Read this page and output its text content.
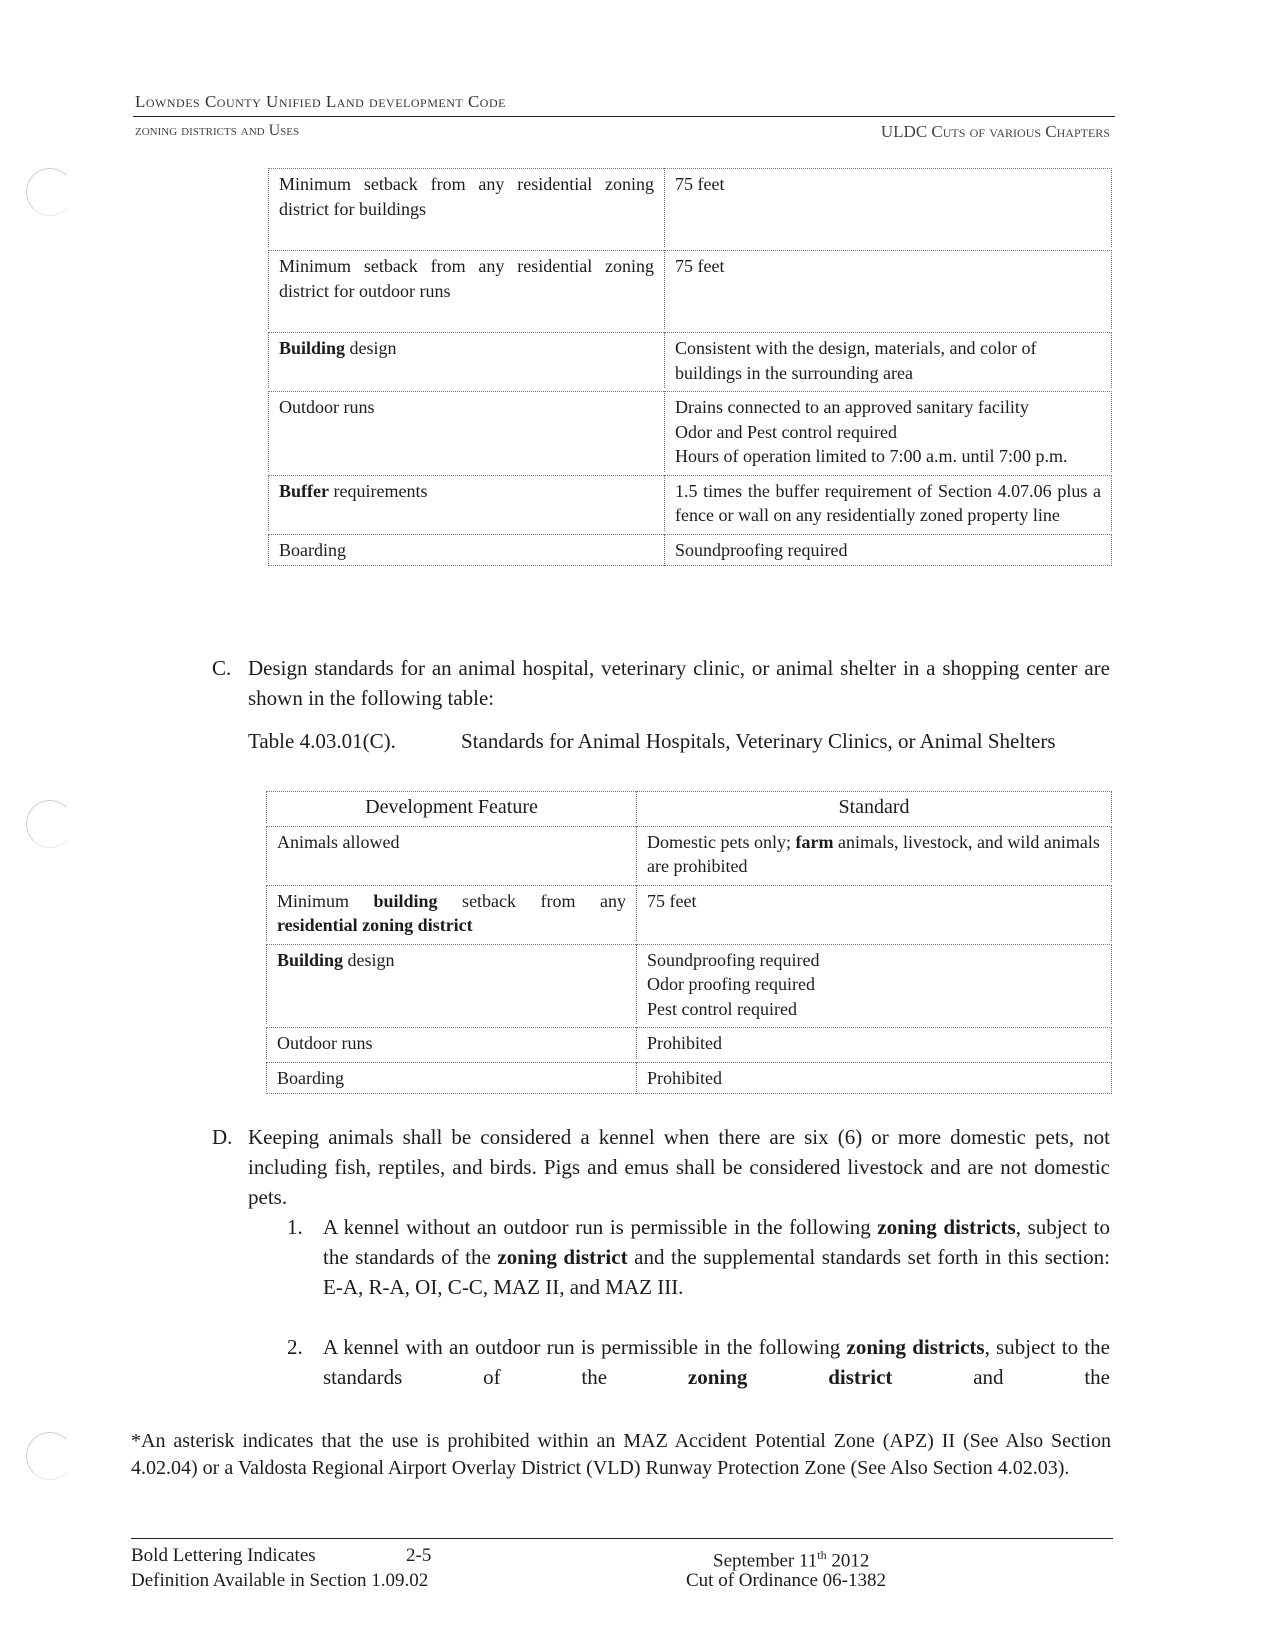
Lowndes County Unified Land development Code
zoning districts and Uses	ULDC Cuts of various Chapters
Minimum setback from any residential zoning district for buildings	75 feet

Minimum setback from any residential zoning district for outdoor runs	75 feet

Building design	Consistent with the design, materials, and color of buildings in the surrounding area

Outdoor runs	Drains connected to an approved sanitary facility
Odor and Pest control required
Hours of operation limited to 7:00 a.m. until 7:00 p.m.

Buffer requirements	1.5 times the buffer requirement of Section 4.07.06 plus a fence or wall on any residentially zoned property line
Boarding	Soundproofing required
C. Design standards for an animal hospital, veterinary clinic, or animal shelter in a shopping center are shown in the following table:
Table 4.03.01(C).	Standards for Animal Hospitals, Veterinary Clinics, or Animal Shelters
Development Feature	Standard
Animals allowed	Domestic pets only; farm animals, livestock, and wild animals are prohibited
Minimum building setback from any residential zoning district	75 feet
Building design	Soundproofing required
Odor proofing required
Pest control required

Outdoor runs	Prohibited
Boarding	Prohibited
D. Keeping animals shall be considered a kennel when there are six (6) or more domestic pets, not including fish, reptiles, and birds. Pigs and emus shall be considered livestock and are not domestic pets.
1. A kennel without an outdoor run is permissible in the following zoning districts, subject to the standards of the zoning district and the supplemental standards set forth in this section: E-A, R-A, OI, C-C, MAZ II, and MAZ III.
2. A kennel with an outdoor run is permissible in the following zoning districts, subject to the standards of the zoning district and the
*An asterisk indicates that the use is prohibited within an MAZ Accident Potential Zone (APZ) II (See Also Section 4.02.04) or a Valdosta Regional Airport Overlay District (VLD) Runway Protection Zone (See Also Section 4.02.03).
Bold Lettering Indicates	2-5
Definition Available in Section 1.09.02
September 11th 2012
Cut of Ordinance 06-1382
